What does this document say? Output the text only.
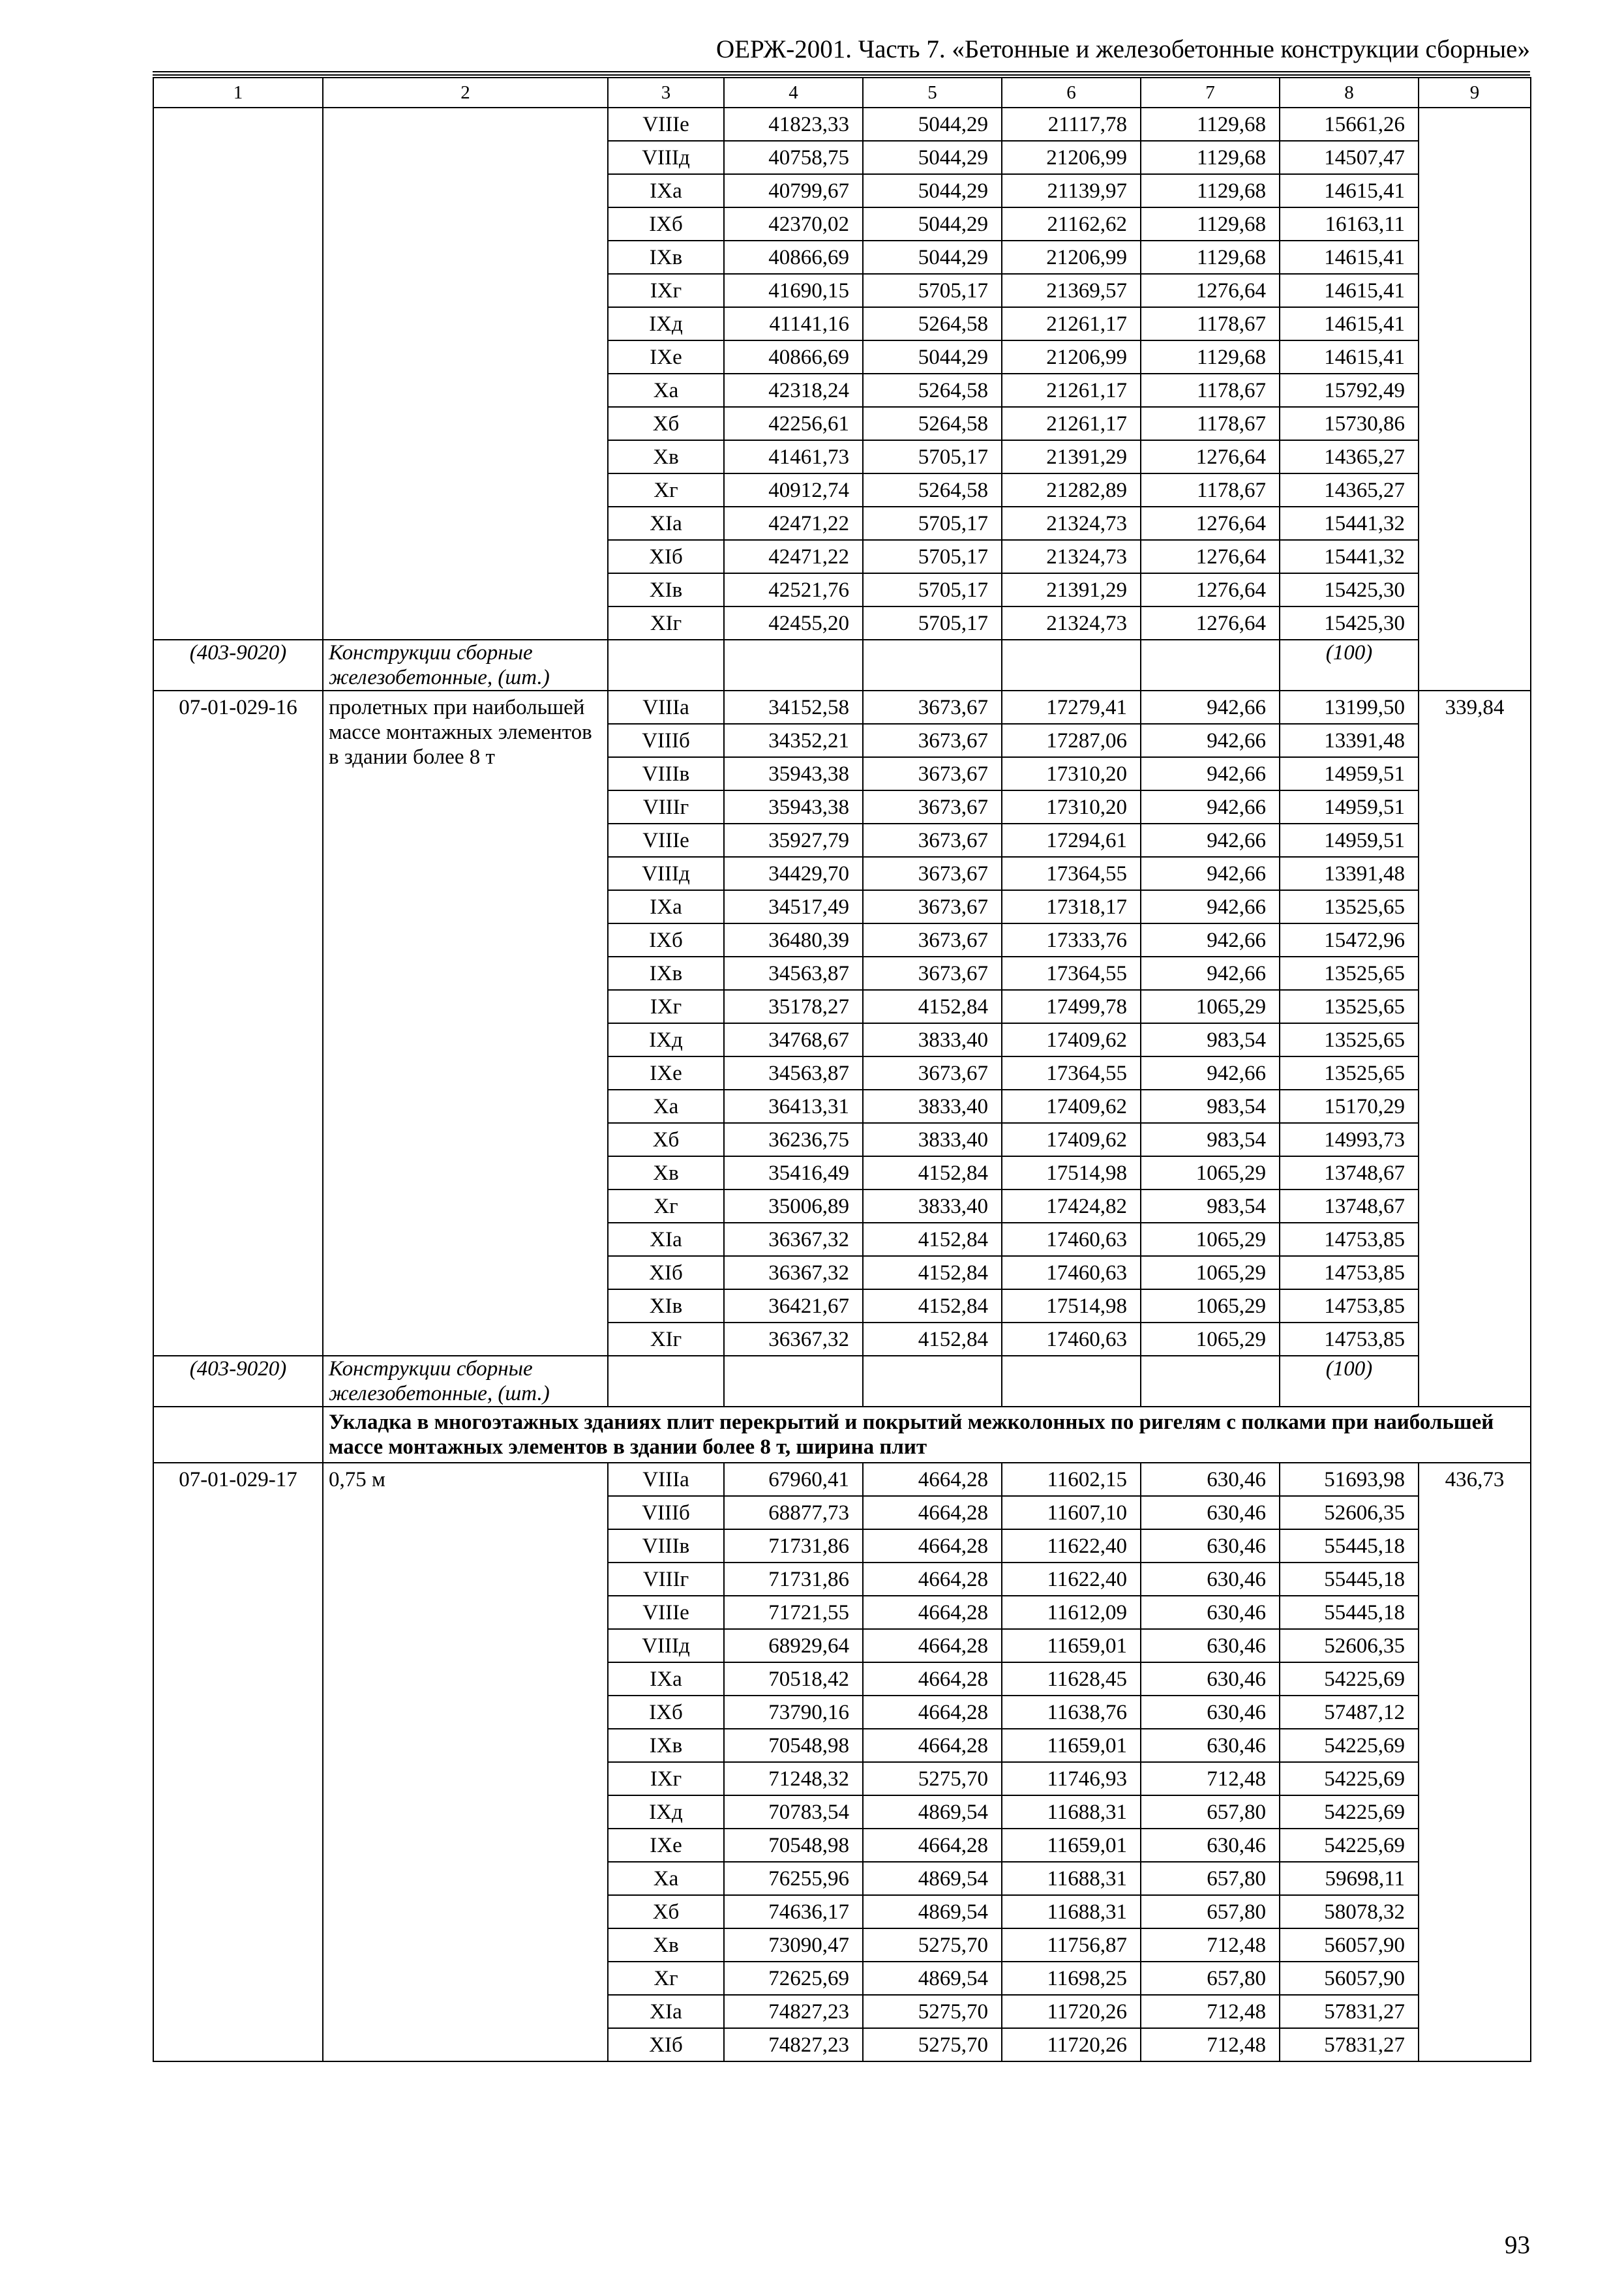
ОЕРЖ-2001. Часть 7. «Бетонные и железобетонные конструкции сборные»
1	2	3	4	5	6	7	8	9
		VIIIе	41823,33	5044,29	21117,78	1129,68	15661,26	
		VIIIд	40758,75	5044,29	21206,99	1129,68	14507,47	
		IXa	40799,67	5044,29	21139,97	1129,68	14615,41	
		IXб	42370,02	5044,29	21162,62	1129,68	16163,11	
		IXв	40866,69	5044,29	21206,99	1129,68	14615,41	
		IXг	41690,15	5705,17	21369,57	1276,64	14615,41	
		IXд	41141,16	5264,58	21261,17	1178,67	14615,41	
		IXе	40866,69	5044,29	21206,99	1129,68	14615,41	
		Xa	42318,24	5264,58	21261,17	1178,67	15792,49	
		Xб	42256,61	5264,58	21261,17	1178,67	15730,86	
		Xв	41461,73	5705,17	21391,29	1276,64	14365,27	
		Xг	40912,74	5264,58	21282,89	1178,67	14365,27	
		XIa	42471,22	5705,17	21324,73	1276,64	15441,32	
		XIб	42471,22	5705,17	21324,73	1276,64	15441,32	
		XIв	42521,76	5705,17	21391,29	1276,64	15425,30	
		XIг	42455,20	5705,17	21324,73	1276,64	15425,30	
(403-9020)	Конструкции сборные железобетонные, (шт.)						(100)	
07-01-029-16	пролетных при наибольшей массе монтажных элементов в здании более 8 т	VIIIa	34152,58	3673,67	17279,41	942,66	13199,50	339,84
		VIIIб	34352,21	3673,67	17287,06	942,66	13391,48	
		VIIIв	35943,38	3673,67	17310,20	942,66	14959,51	
		VIIIг	35943,38	3673,67	17310,20	942,66	14959,51	
		VIIIе	35927,79	3673,67	17294,61	942,66	14959,51	
		VIIIд	34429,70	3673,67	17364,55	942,66	13391,48	
		IXa	34517,49	3673,67	17318,17	942,66	13525,65	
		IXб	36480,39	3673,67	17333,76	942,66	15472,96	
		IXв	34563,87	3673,67	17364,55	942,66	13525,65	
		IXг	35178,27	4152,84	17499,78	1065,29	13525,65	
		IXд	34768,67	3833,40	17409,62	983,54	13525,65	
		IXе	34563,87	3673,67	17364,55	942,66	13525,65	
		Xa	36413,31	3833,40	17409,62	983,54	15170,29	
		Xб	36236,75	3833,40	17409,62	983,54	14993,73	
		Xв	35416,49	4152,84	17514,98	1065,29	13748,67	
		Xг	35006,89	3833,40	17424,82	983,54	13748,67	
		XIa	36367,32	4152,84	17460,63	1065,29	14753,85	
		XIб	36367,32	4152,84	17460,63	1065,29	14753,85	
		XIв	36421,67	4152,84	17514,98	1065,29	14753,85	
		XIг	36367,32	4152,84	17460,63	1065,29	14753,85	
(403-9020)	Конструкции сборные железобетонные, (шт.)						(100)	
	Укладка в многоэтажных зданиях плит перекрытий и покрытий межколонных по ригелям с полками при наибольшей массе монтажных элементов в здании более 8 т, ширина плит							
07-01-029-17	0,75 м	VIIIa	67960,41	4664,28	11602,15	630,46	51693,98	436,73
		VIIIб	68877,73	4664,28	11607,10	630,46	52606,35	
		VIIIв	71731,86	4664,28	11622,40	630,46	55445,18	
		VIIIг	71731,86	4664,28	11622,40	630,46	55445,18	
		VIIIе	71721,55	4664,28	11612,09	630,46	55445,18	
		VIIIд	68929,64	4664,28	11659,01	630,46	52606,35	
		IXa	70518,42	4664,28	11628,45	630,46	54225,69	
		IXб	73790,16	4664,28	11638,76	630,46	57487,12	
		IXв	70548,98	4664,28	11659,01	630,46	54225,69	
		IXг	71248,32	5275,70	11746,93	712,48	54225,69	
		IXд	70783,54	4869,54	11688,31	657,80	54225,69	
		IXе	70548,98	4664,28	11659,01	630,46	54225,69	
		Xa	76255,96	4869,54	11688,31	657,80	59698,11	
		Xб	74636,17	4869,54	11688,31	657,80	58078,32	
		Xв	73090,47	5275,70	11756,87	712,48	56057,90	
		Xг	72625,69	4869,54	11698,25	657,80	56057,90	
		XIa	74827,23	5275,70	11720,26	712,48	57831,27	
		XIб	74827,23	5275,70	11720,26	712,48	57831,27	
93
